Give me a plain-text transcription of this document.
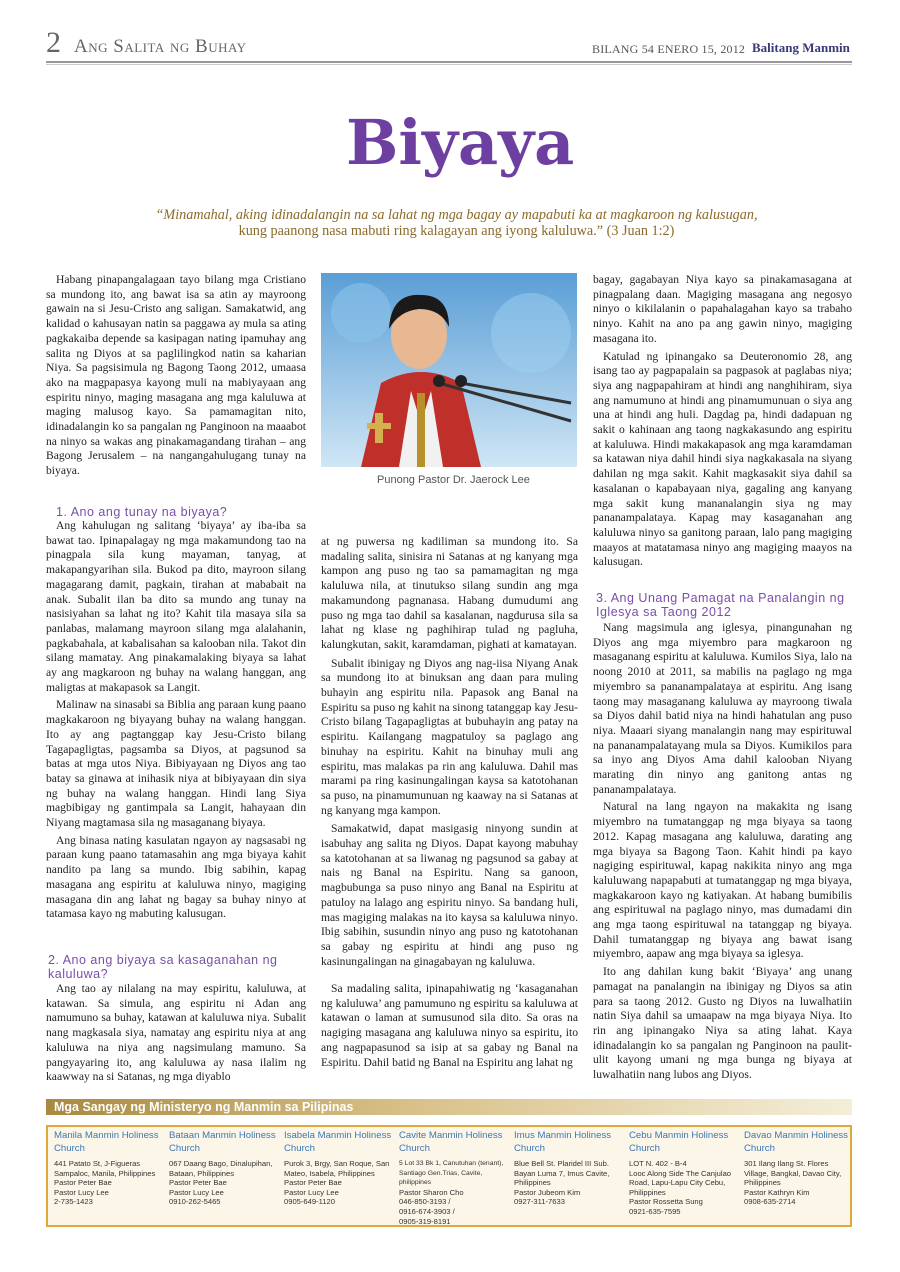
2 Ang Salita ng Buhay	BILANG 54 ENERO 15, 2012 Balitang Manmin
Biyaya
“Minamahal, aking idinadalangin na sa lahat ng mga bagay ay mapabuti ka at magkaroon ng kalusugan,
kung paanong nasa mabuti ring kalagayan ang iyong kaluluwa.” (3 Juan 1:2)

Habang pinapangalagaan tayo bilang mga Cristiano sa mundong ito, ang bawat isa sa atin ay mayroong gawain na si Jesu-Cristo ang saligan. Samakatwid, ang kalidad o kahusayan natin sa paggawa ay mula sa ating pagkakaiba depende sa kasipagan nating ipamuhay ang salita ng Diyos at sa paglilingkod natin sa kaharian Niya. Sa pagsisimula ng Bagong Taong 2012, umaasa ako na magpapasya kayong muli na mabiyayaan ang espiritu ninyo, maging masagana ang mga kaluluwa at maging malusog kayo. Sa pamamagitan nito, idinadalangin ko sa pangalan ng Panginoon na maaabot na ninyo sa wakas ang pinakamagandang tirahan – ang Bagong Jerusalem – na nangangahulugang tunay na biyaya.

1. Ano ang tunay na biyaya?

Ang kahulugan ng salitang ‘biyaya’ ay iba-iba sa bawat tao. Ipinapalagay ng mga makamundong tao na pinagpala sila kung mayaman, tanyag, at makapangyarihan sila. Bukod pa dito, mayroon silang magagarang damit, pagkain, tirahan at mababait na anak. Subalit ilan ba dito sa mundo ang tunay na nasisiyahan sa lahat ng ito? Kahit tila masaya sila sa panlabas, malamang mayroon silang mga alalahanin, pagkabahala, at kabalisahan sa kalooban nila. Takot din silang mamatay. Ang pinakamalaking biyaya sa lahat ay ang magkaroon ng buhay na walang hanggan, ang maligtas at makapasok sa Langit.

Malinaw na sinasabi sa Biblia ang paraan kung paano magkakaroon ng biyayang buhay na walang hanggan. Ito ay ang pagtanggap kay Jesu-Cristo bilang Tagapagligtas, pagsamba sa Diyos, at pagsunod sa batas at mga utos Niya. Bibiyayaan ng Diyos ang tao batay sa ginawa at inihasik niya at bibiyayaan din siya ng buhay na walang hanggan. Hindi lang Siya magbibigay ng gantimpala sa Langit, hahayaan din Niyang magtamasa sila ng masaganang biyaya.

Ang binasa nating kasulatan ngayon ay nagsasabi ng paraan kung paano tatamasahin ang mga biyaya kahit nandito pa lang sa mundo. Ibig sabihin, kapag masagana ang espiritu at kaluluwa ninyo, magiging masagana din ang lahat ng bagay sa buhay ninyo at tatamasa kayo ng mabuting kalusugan.

2. Ano ang biyaya sa kasaganahan ng kaluluwa?

Ang tao ay nilalang na may espiritu, kaluluwa, at katawan. Sa simula, ang espiritu ni Adan ang namumuno sa buhay, katawan at kaluluwa niya. Subalit nang magkasala siya, namatay ang espiritu niya at ang kaluluwa na niya ang nagsimulang mamuno. Sa pangyayaring ito, ang kaluluwa ay nasa ilalim ng kaawway na si Satanas, ng mga diyablo

Punong Pastor Dr. Jaerock Lee

at ng puwersa ng kadiliman sa mundong ito. Sa madaling salita, sinisira ni Satanas at ng kanyang mga kampon ang puso ng tao sa pamamagitan ng mga kaluluwa nila, at tinutukso silang sundin ang mga makamundong pagnanasa. Habang dumudumi ang puso ng mga tao dahil sa kasalanan, nagdurusa sila sa lahat ng klase ng paghihirap tulad ng pagluha, kalungkutan, sakit, karamdaman, pighati at kamatayan.

Subalit ibinigay ng Diyos ang nag-iisa Niyang Anak sa mundong ito at binuksan ang daan para muling buhayin ang espiritu nila. Papasok ang Banal na Espiritu sa puso ng kahit na sinong tatanggap kay Jesu-Cristo bilang Tagapagligtas at bubuhayin ang patay na espiritu. Kailangang magpatuloy sa paglago ang binuhay na espiritu. Kahit na binuhay muli ang espiritu, mas malakas pa rin ang kaluluwa. Dahil mas marami pa ring kasinungalingan kaysa sa katotohanan sa puso, na pinamumunuan ng kaaway na si Satanas at ng kanyang mga kampon.

Samakatwid, dapat masigasig ninyong sundin at isabuhay ang salita ng Diyos. Dapat kayong mabuhay sa katotohanan at sa liwanag ng pagsunod sa gabay at nais ng Banal na Espiritu. Nang sa ganoon, magbubunga sa puso ninyo ang Banal na Espiritu at patuloy na lalago ang espiritu ninyo. Sa bandang huli, mas magiging malakas na ito kaysa sa kaluluwa ninyo. Ibig sabihin, susundin ninyo ang puso ng katotohanan sa gabay ng espiritu at hindi ang puso ng kasinungalingan na ginagabayan ng kaluluwa.

Sa madaling salita, ipinapahiwatig ng ‘kasaganahan ng kaluluwa’ ang pamumuno ng espiritu sa kaluluwa at katawan o laman at sumusunod sila dito. Sa oras na nagiging masagana ang kaluluwa ninyo sa espiritu, ito ang nagpapasunod sa isip at sa gabay ng Banal na Espiritu. Dahil batid ng Banal na Espiritu ang lahat ng

bagay, gagabayan Niya kayo sa pinakamasagana at pinagpalang daan. Magiging masagana ang negosyo ninyo o kikilalanin o papahalagahan kayo sa trabaho ninyo. Kahit na ano pa ang gawin ninyo, magiging masagana ito.

Katulad ng ipinangako sa Deuteronomio 28, ang isang tao ay pagpapalain sa pagpasok at paglabas niya; siya ang nagpapahiram at hindi ang nanghihiram, siya ang namumuno at hindi ang pinamumunuan o siya ang una at hindi ang huli. Dagdag pa, hindi dadapuan ng sakit o kahinaan ang taong nagkakasundo ang espiritu at kaluluwa. Hindi makakapasok ang mga karamdaman sa katawan niya dahil hindi siya nagkakasala na siyang dahilan ng mga sakit. Kahit magkasakit siya dahil sa kasalanan o kapabayaan niya, gagaling ang kanyang mga sakit kung mananalangin siya ng may pananampalataya. Kapag may kasaganahan ang kaluluwa ninyo sa ganitong paraan, lalo pang magiging maayos at matatamasa ninyo ang magiging maayos na kalusugan.

3. Ang Unang Pamagat na Panalangin ng Iglesya sa Taong 2012

Nang magsimula ang iglesya, pinangunahan ng Diyos ang mga miyembro para magkaroon ng masaganang espiritu at kaluluwa. Kumilos Siya, lalo na noong 2010 at 2011, sa mabilis na paglago ng mga miyembro sa pananampalataya at espiritu. Ang isang taong may masaganang kaluluwa ay mayroong tiwala sa Diyos dahil batid niya na hindi hahatulan ang puso niya. Maaari siyang manalangin nang may espirituwal na pananampalatayang mula sa Diyos. Kumikilos para sa inyo ang Diyos Ama dahil kalooban Niyang marating din ninyo ang ganitong antas ng pananampalataya.

Natural na lang ngayon na makakita ng isang miyembro na tumatanggap ng mga biyaya sa taong 2012. Kapag masagana ang kaluluwa, darating ang mga biyaya sa Bagong Taon. Kahit hindi pa kayo nagiging espirituwal, kapag nakikita ninyo ang mga kaluluwang napapabuti at tumatanggap ng mga biyaya, magkakaroon kayo ng katiyakan. At habang bumibilis ang espirituwal na paglago ninyo, mas dumadami din ang mga taong espirituwal na tatanggap ng biyaya. Dahil tumatanggap ng biyaya ang bawat isang miyembro, aapaw ang mga biyaya sa iglesya.

Ito ang dahilan kung bakit ‘Biyaya’ ang unang pamagat na panalangin na ibinigay ng Diyos sa atin para sa taong 2012. Gusto ng Diyos na luwalhatiin natin Siya dahil sa umaapaw na mga biyaya Niya. Ito rin ang ipinangako Niya sa ating lahat. Kaya idinadalangin ko sa pangalan ng Panginoon na paulit-ulit kayong umani ng mga bunga ng biyaya at luwalhatiin nang lubos ang Diyos.

Mga Sangay ng Ministeryo ng Manmin sa Pilipinas
Manila Manmin Holiness Church
441 Patato St, J-Figueras
Sampaloc, Manila, Philippines
Pastor Peter Bae
Pastor Lucy Lee
2-735-1423
Bataan Manmin Holiness Church
067 Daang Bago, Dinalupihan,
Bataan, Philippines
Pastor Peter Bae
Pastor Lucy Lee
0910-262-5465
Isabela Manmin Holiness Church
Purok 3, Brgy, San Roque, San
Mateo, Isabela, Philippines
Pastor Peter Bae
Pastor Lucy Lee
0905-649-1120
Cavite Manmin Holiness Church
5 Lot 33 Bk 1, Canutuhan (tenant),
Santiago Gen.Trias, Cavite, philippines
Pastor Sharon Cho
046-850-3193 /
0916-674-3903 /
0905-319-8191
Imus Manmin Holiness Church
Blue Bell St. Plaridel III Sub.
Bayan Luma 7, Imus Cavite,
Philippines
Pastor Jubeom Kim
0927-311-7633
Cebu Manmin Holiness Church
LOT N. 402 - B-4
Looc Along Side The Canjulao
Road, Lapu-Lapu City Cebu,
Philippines
Pastor Rossetta Sung
0921-635-7595
Davao Manmin Holiness Church
301 Ilang Ilang St. Flores
Village, Bangkal, Davao City,
Philippines
Pastor Kathryn Kim
0908-635-2714
